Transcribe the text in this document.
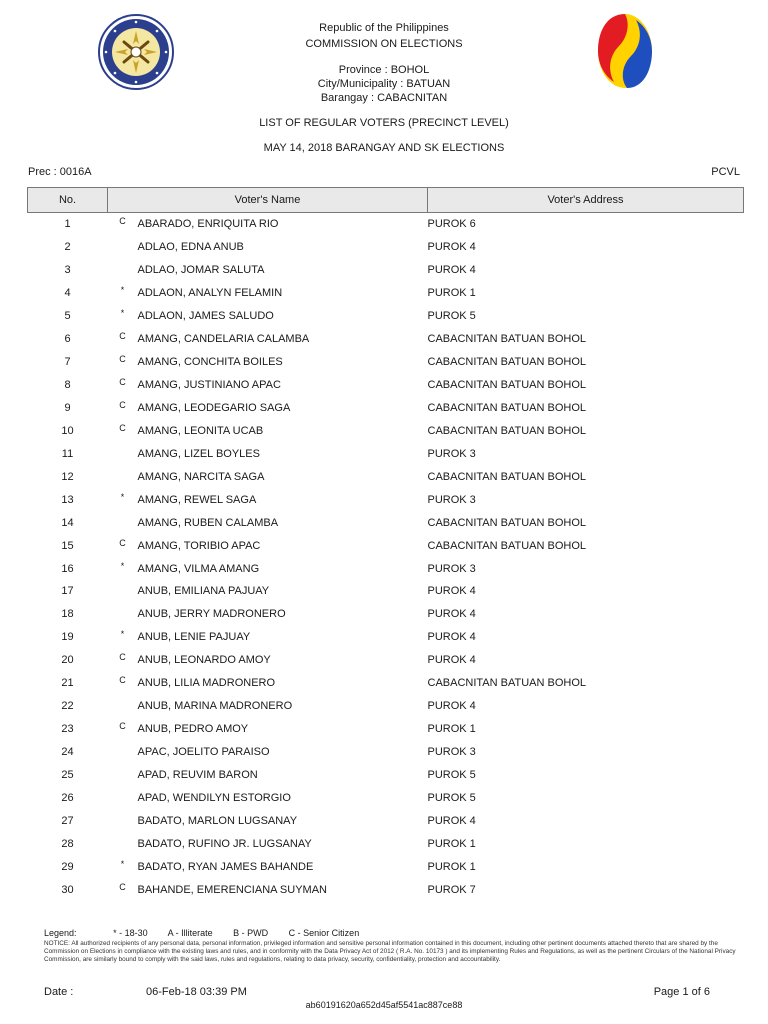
Republic of the Philippines
COMMISSION ON ELECTIONS
Province : BOHOL
City/Municipality : BATUAN
Barangay : CABACNITAN
LIST OF REGULAR VOTERS (PRECINCT LEVEL)
MAY 14, 2018 BARANGAY AND SK ELECTIONS
Prec : 0016A	PCVL
No.	Voter's Name		Voter's Address
1	C	ABARADO, ENRIQUITA RIO	PUROK 6
2		ADLAO, EDNA ANUB	PUROK 4
3		ADLAO, JOMAR SALUTA	PUROK 4
4	*	ADLAON, ANALYN FELAMIN	PUROK 1
5	*	ADLAON, JAMES SALUDO	PUROK 5
6	C	AMANG, CANDELARIA CALAMBA	CABACNITAN BATUAN BOHOL
7	C	AMANG, CONCHITA BOILES	CABACNITAN BATUAN BOHOL
8	C	AMANG, JUSTINIANO APAC	CABACNITAN BATUAN BOHOL
9	C	AMANG, LEODEGARIO SAGA	CABACNITAN BATUAN BOHOL
10	C	AMANG, LEONITA UCAB	CABACNITAN BATUAN BOHOL
11		AMANG, LIZEL BOYLES	PUROK 3
12		AMANG, NARCITA SAGA	CABACNITAN BATUAN BOHOL
13	*	AMANG, REWEL SAGA	PUROK 3
14		AMANG, RUBEN CALAMBA	CABACNITAN BATUAN BOHOL
15	C	AMANG, TORIBIO APAC	CABACNITAN BATUAN BOHOL
16	*	AMANG, VILMA AMANG	PUROK 3
17		ANUB, EMILIANA PAJUAY	PUROK 4
18		ANUB, JERRY MADRONERO	PUROK 4
19	*	ANUB, LENIE PAJUAY	PUROK 4
20	C	ANUB, LEONARDO AMOY	PUROK 4
21	C	ANUB, LILIA MADRONERO	CABACNITAN BATUAN BOHOL
22		ANUB, MARINA MADRONERO	PUROK 4
23	C	ANUB, PEDRO AMOY	PUROK 1
24		APAC, JOELITO PARAISO	PUROK 3
25		APAD, REUVIM BARON	PUROK 5
26		APAD, WENDILYN ESTORGIO	PUROK 5
27		BADATO, MARLON LUGSANAY	PUROK 4
28		BADATO, RUFINO JR. LUGSANAY	PUROK 1
29	*	BADATO, RYAN JAMES BAHANDE	PUROK 1
30	C	BAHANDE, EMERENCIANA SUYMAN	PUROK 7
Legend:	* - 18-30 A - Illiterate B - PWD C - Senior Citizen
NOTICE: All authorized recipients of any personal data, personal information, privileged information and sensitive personal information contained in this document, including other pertinent documents attached thereto that are shared by the Commission on Elections in compliance with the existing laws and rules, and in conformity with the Data Privacy Act of 2012 ( R.A. No. 10173 ) and its implementing Rules and Regulations, as well as the pertinent Circulars of the National Privacy Commission, are similarly bound to comply with the said laws, rules and regulations, relating to data privacy, security, confidentiality, protection and accountability.
Date :	06-Feb-18 03:39 PM	Page 1 of 6
ab60191620a652d45af5541ac887ce88
